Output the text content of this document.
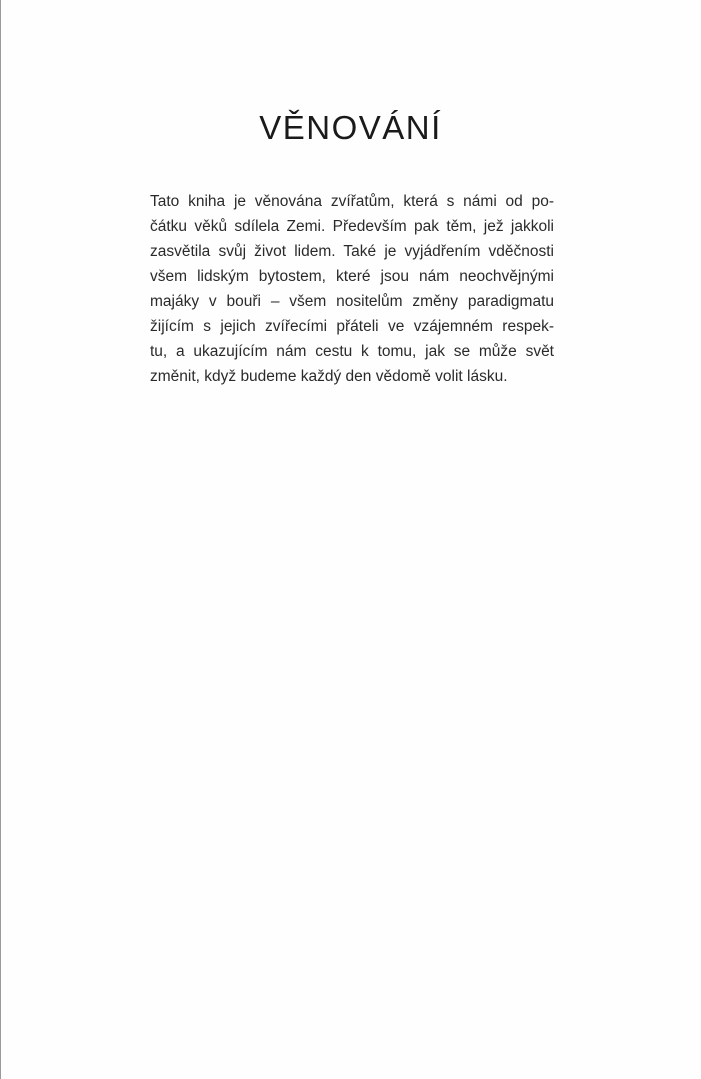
VĚNOVÁNÍ
Tato kniha je věnována zvířatům, která s námi od po-
čátku věků sdílela Zemi. Především pak těm, jež jakkoli
zasvětila svůj život lidem. Také je vyjádřením vděčnosti
všem lidským bytostem, které jsou nám neochvějnými
majáky v bouři – všem nositelům změny paradigmatu
žijícím s jejich zvířecími přáteli ve vzájemném respek-
tu, a ukazujícím nám cestu k tomu, jak se může svět
změnit, když budeme každý den vědomě volit lásku.
